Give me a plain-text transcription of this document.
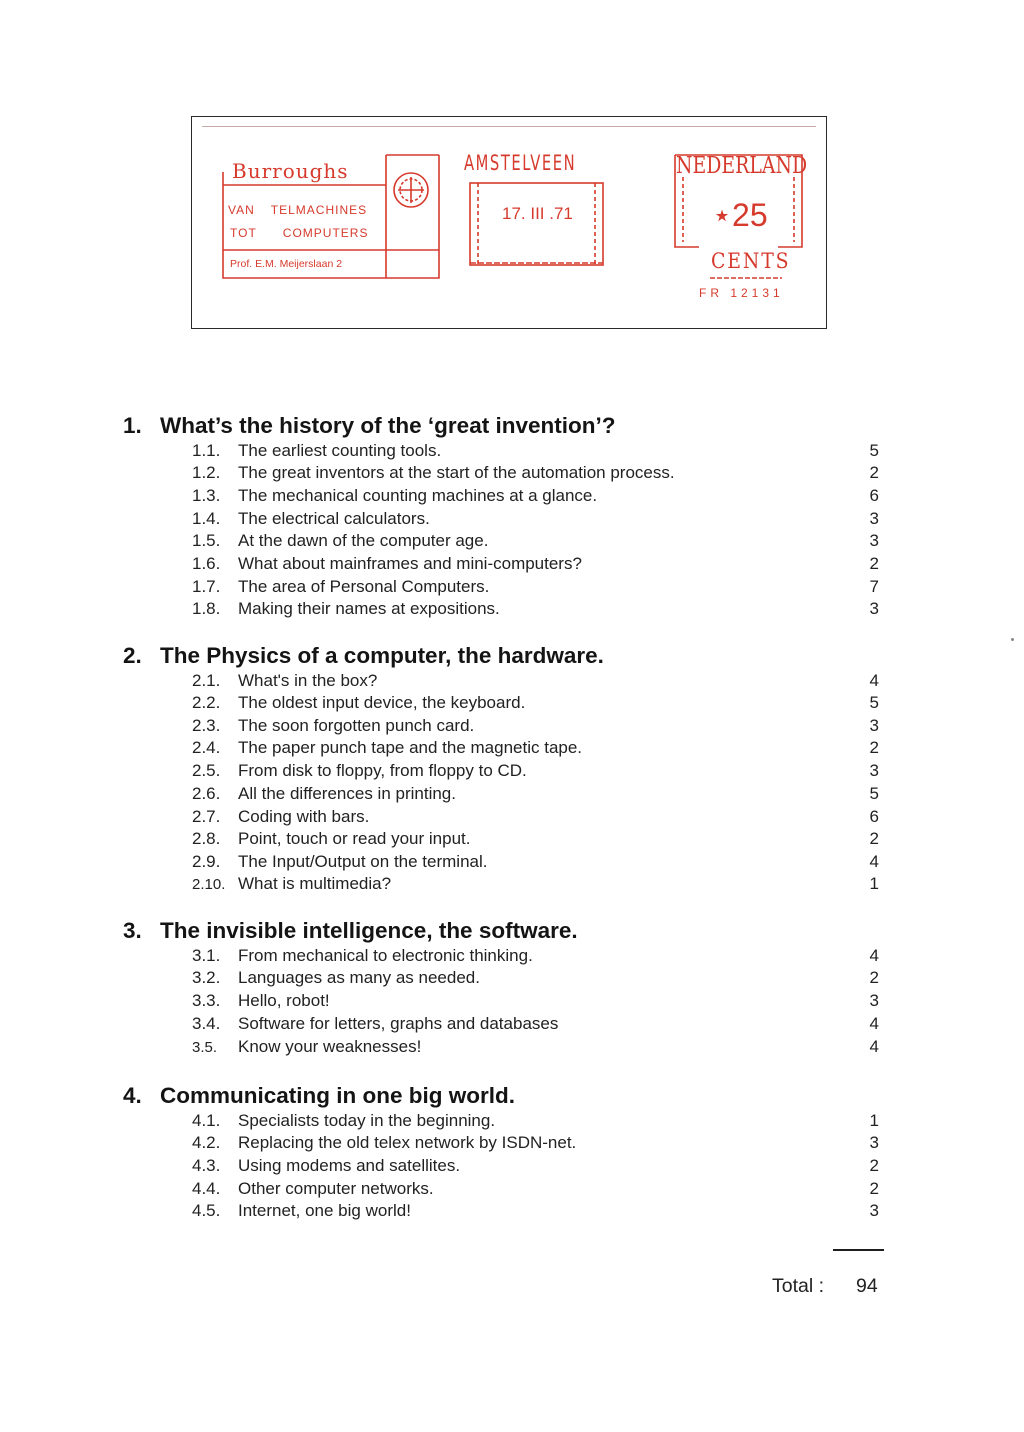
Burroughs
VAN TELMACHINES
TOT COMPUTERS
Prof. E.M. Meijerslaan 2
AMSTELVEEN
17. III .71
NEDERLAND
⋆25
CENTS
FR 12131
1. What’s the history of the ‘great invention’?
1.1. The earliest counting tools.	5
1.2. The great inventors at the start of the automation process.	2
1.3. The mechanical counting machines at a glance.	6
1.4. The electrical calculators.	3
1.5. At the dawn of the computer age.	3
1.6. What about mainframes and mini-computers?	2
1.7. The area of Personal Computers.	7
1.8. Making their names at expositions.	3
2. The Physics of a computer, the hardware.
2.1. What's in the box?	4
2.2. The oldest input device, the keyboard.	5
2.3. The soon forgotten punch card.	3
2.4. The paper punch tape and the magnetic tape.	2
2.5. From disk to floppy, from floppy to CD.	3
2.6. All the differences in printing.	5
2.7. Coding with bars.	6
2.8. Point, touch or read your input.	2
2.9. The Input/Output on the terminal.	4
2.10. What is multimedia?	1
3. The invisible intelligence, the software.
3.1. From mechanical to electronic thinking.	4
3.2. Languages as many as needed.	2
3.3. Hello, robot!	3
3.4. Software for letters, graphs and databases	4
3.5. Know your weaknesses!	4
4. Communicating in one big world.
4.1. Specialists today in the beginning.	1
4.2. Replacing the old telex network by ISDN-net.	3
4.3. Using modems and satellites.	2
4.4. Other computer networks.	2
4.5. Internet, one big world!	3
Total : 94
